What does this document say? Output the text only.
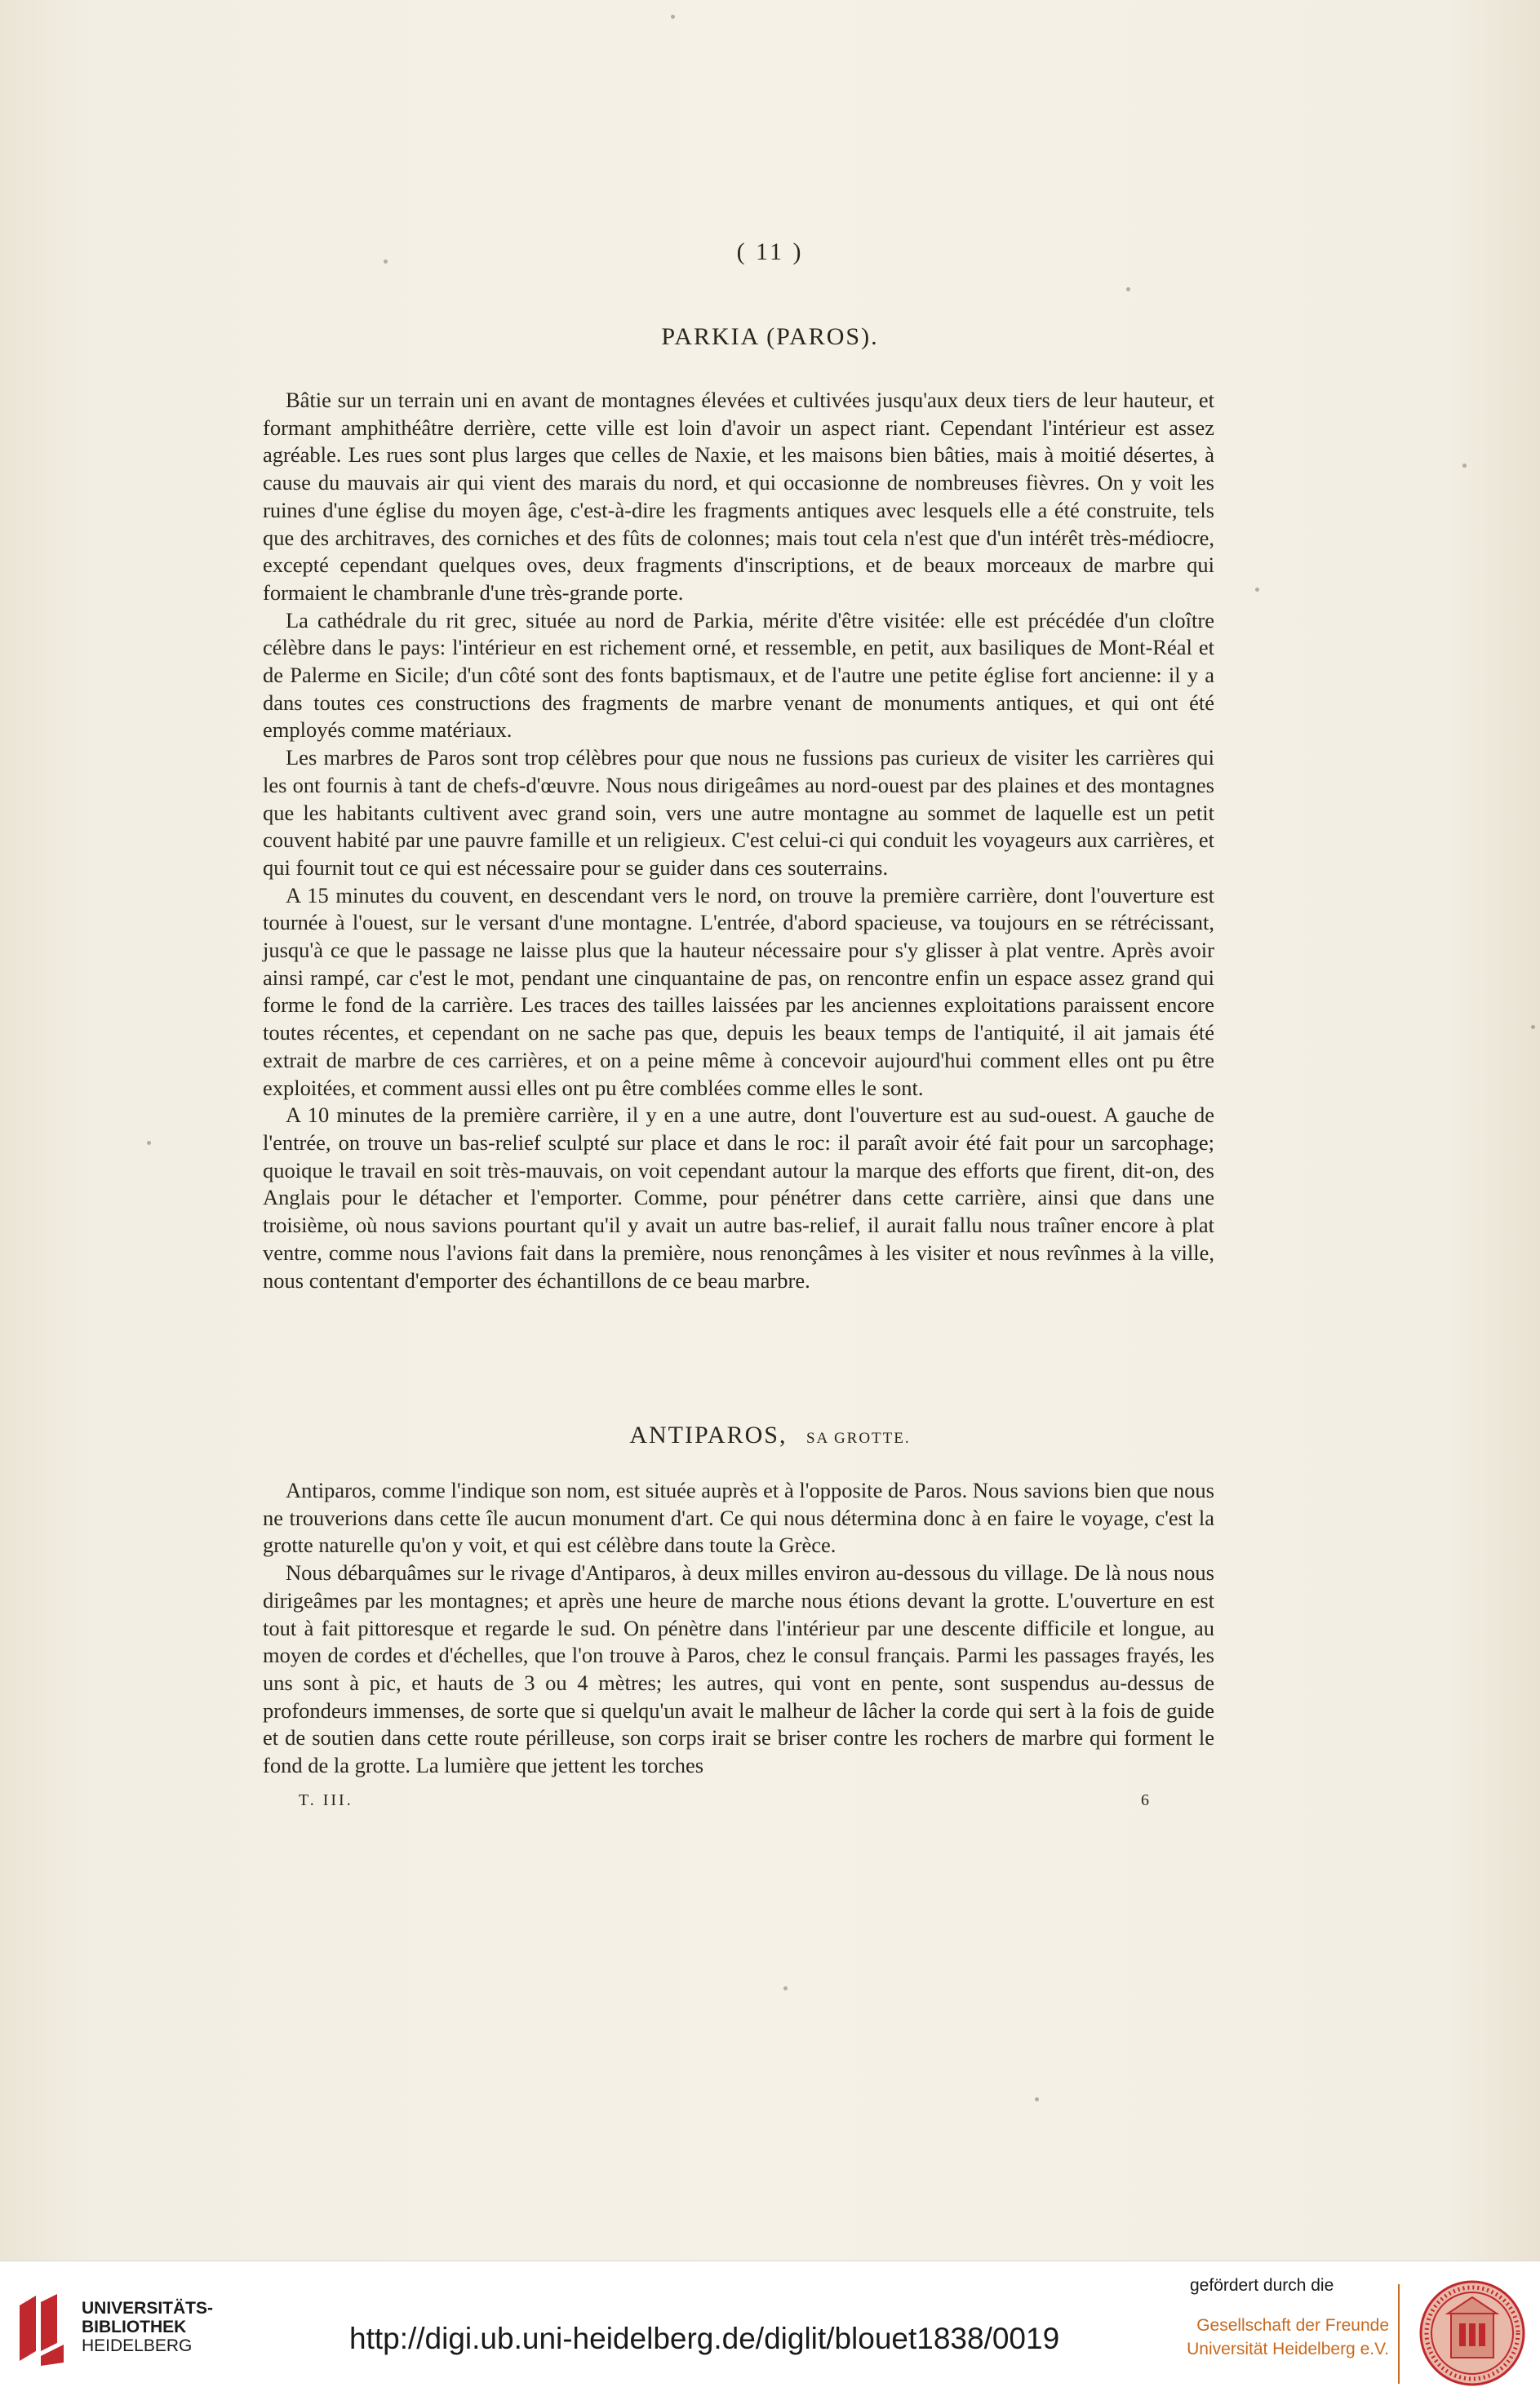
( 11 )
PARKIA (PAROS).

Bâtie sur un terrain uni en avant de montagnes élevées et cultivées jusqu'aux deux tiers de leur hauteur, et formant amphithéâtre derrière, cette ville est loin d'avoir un aspect riant. Cependant l'intérieur est assez agréable. Les rues sont plus larges que celles de Naxie, et les maisons bien bâties, mais à moitié désertes, à cause du mauvais air qui vient des marais du nord, et qui occasionne de nombreuses fièvres. On y voit les ruines d'une église du moyen âge, c'est-à-dire les fragments antiques avec lesquels elle a été construite, tels que des architraves, des corniches et des fûts de colonnes; mais tout cela n'est que d'un intérêt très-médiocre, excepté cependant quelques oves, deux fragments d'inscriptions, et de beaux morceaux de marbre qui formaient le chambranle d'une très-grande porte.

La cathédrale du rit grec, située au nord de Parkia, mérite d'être visitée: elle est précédée d'un cloître célèbre dans le pays: l'intérieur en est richement orné, et ressemble, en petit, aux basiliques de Mont-Réal et de Palerme en Sicile; d'un côté sont des fonts baptismaux, et de l'autre une petite église fort ancienne: il y a dans toutes ces constructions des fragments de marbre venant de monuments antiques, et qui ont été employés comme matériaux.

Les marbres de Paros sont trop célèbres pour que nous ne fussions pas curieux de visiter les carrières qui les ont fournis à tant de chefs-d'œuvre. Nous nous dirigeâmes au nord-ouest par des plaines et des montagnes que les habitants cultivent avec grand soin, vers une autre montagne au sommet de laquelle est un petit couvent habité par une pauvre famille et un religieux. C'est celui-ci qui conduit les voyageurs aux carrières, et qui fournit tout ce qui est nécessaire pour se guider dans ces souterrains.

A 15 minutes du couvent, en descendant vers le nord, on trouve la première carrière, dont l'ouverture est tournée à l'ouest, sur le versant d'une montagne. L'entrée, d'abord spacieuse, va toujours en se rétrécissant, jusqu'à ce que le passage ne laisse plus que la hauteur nécessaire pour s'y glisser à plat ventre. Après avoir ainsi rampé, car c'est le mot, pendant une cinquantaine de pas, on rencontre enfin un espace assez grand qui forme le fond de la carrière. Les traces des tailles laissées par les anciennes exploitations paraissent encore toutes récentes, et cependant on ne sache pas que, depuis les beaux temps de l'antiquité, il ait jamais été extrait de marbre de ces carrières, et on a peine même à concevoir aujourd'hui comment elles ont pu être exploitées, et comment aussi elles ont pu être comblées comme elles le sont.

A 10 minutes de la première carrière, il y en a une autre, dont l'ouverture est au sud-ouest. A gauche de l'entrée, on trouve un bas-relief sculpté sur place et dans le roc: il paraît avoir été fait pour un sarcophage; quoique le travail en soit très-mauvais, on voit cependant autour la marque des efforts que firent, dit-on, des Anglais pour le détacher et l'emporter. Comme, pour pénétrer dans cette carrière, ainsi que dans une troisième, où nous savions pourtant qu'il y avait un autre bas-relief, il aurait fallu nous traîner encore à plat ventre, comme nous l'avions fait dans la première, nous renonçâmes à les visiter et nous revînmes à la ville, nous contentant d'emporter des échantillons de ce beau marbre.

ANTIPAROS, SA GROTTE.

Antiparos, comme l'indique son nom, est située auprès et à l'opposite de Paros. Nous savions bien que nous ne trouverions dans cette île aucun monument d'art. Ce qui nous détermina donc à en faire le voyage, c'est la grotte naturelle qu'on y voit, et qui est célèbre dans toute la Grèce.

Nous débarquâmes sur le rivage d'Antiparos, à deux milles environ au-dessous du village. De là nous nous dirigeâmes par les montagnes; et après une heure de marche nous étions devant la grotte. L'ouverture en est tout à fait pittoresque et regarde le sud. On pénètre dans l'intérieur par une descente difficile et longue, au moyen de cordes et d'échelles, que l'on trouve à Paros, chez le consul français. Parmi les passages frayés, les uns sont à pic, et hauts de 3 ou 4 mètres; les autres, qui vont en pente, sont suspendus au-dessus de profondeurs immenses, de sorte que si quelqu'un avait le malheur de lâcher la corde qui sert à la fois de guide et de soutien dans cette route périlleuse, son corps irait se briser contre les rochers de marbre qui forment le fond de la grotte. La lumière que jettent les torches

T. III.	6
UNIVERSITÄTS-
BIBLIOTHEK
HEIDELBERG	http://digi.ub.uni-heidelberg.de/diglit/blouet1838/0019
gefördert durch die
Gesellschaft der Freunde
Universität Heidelberg e.V.
